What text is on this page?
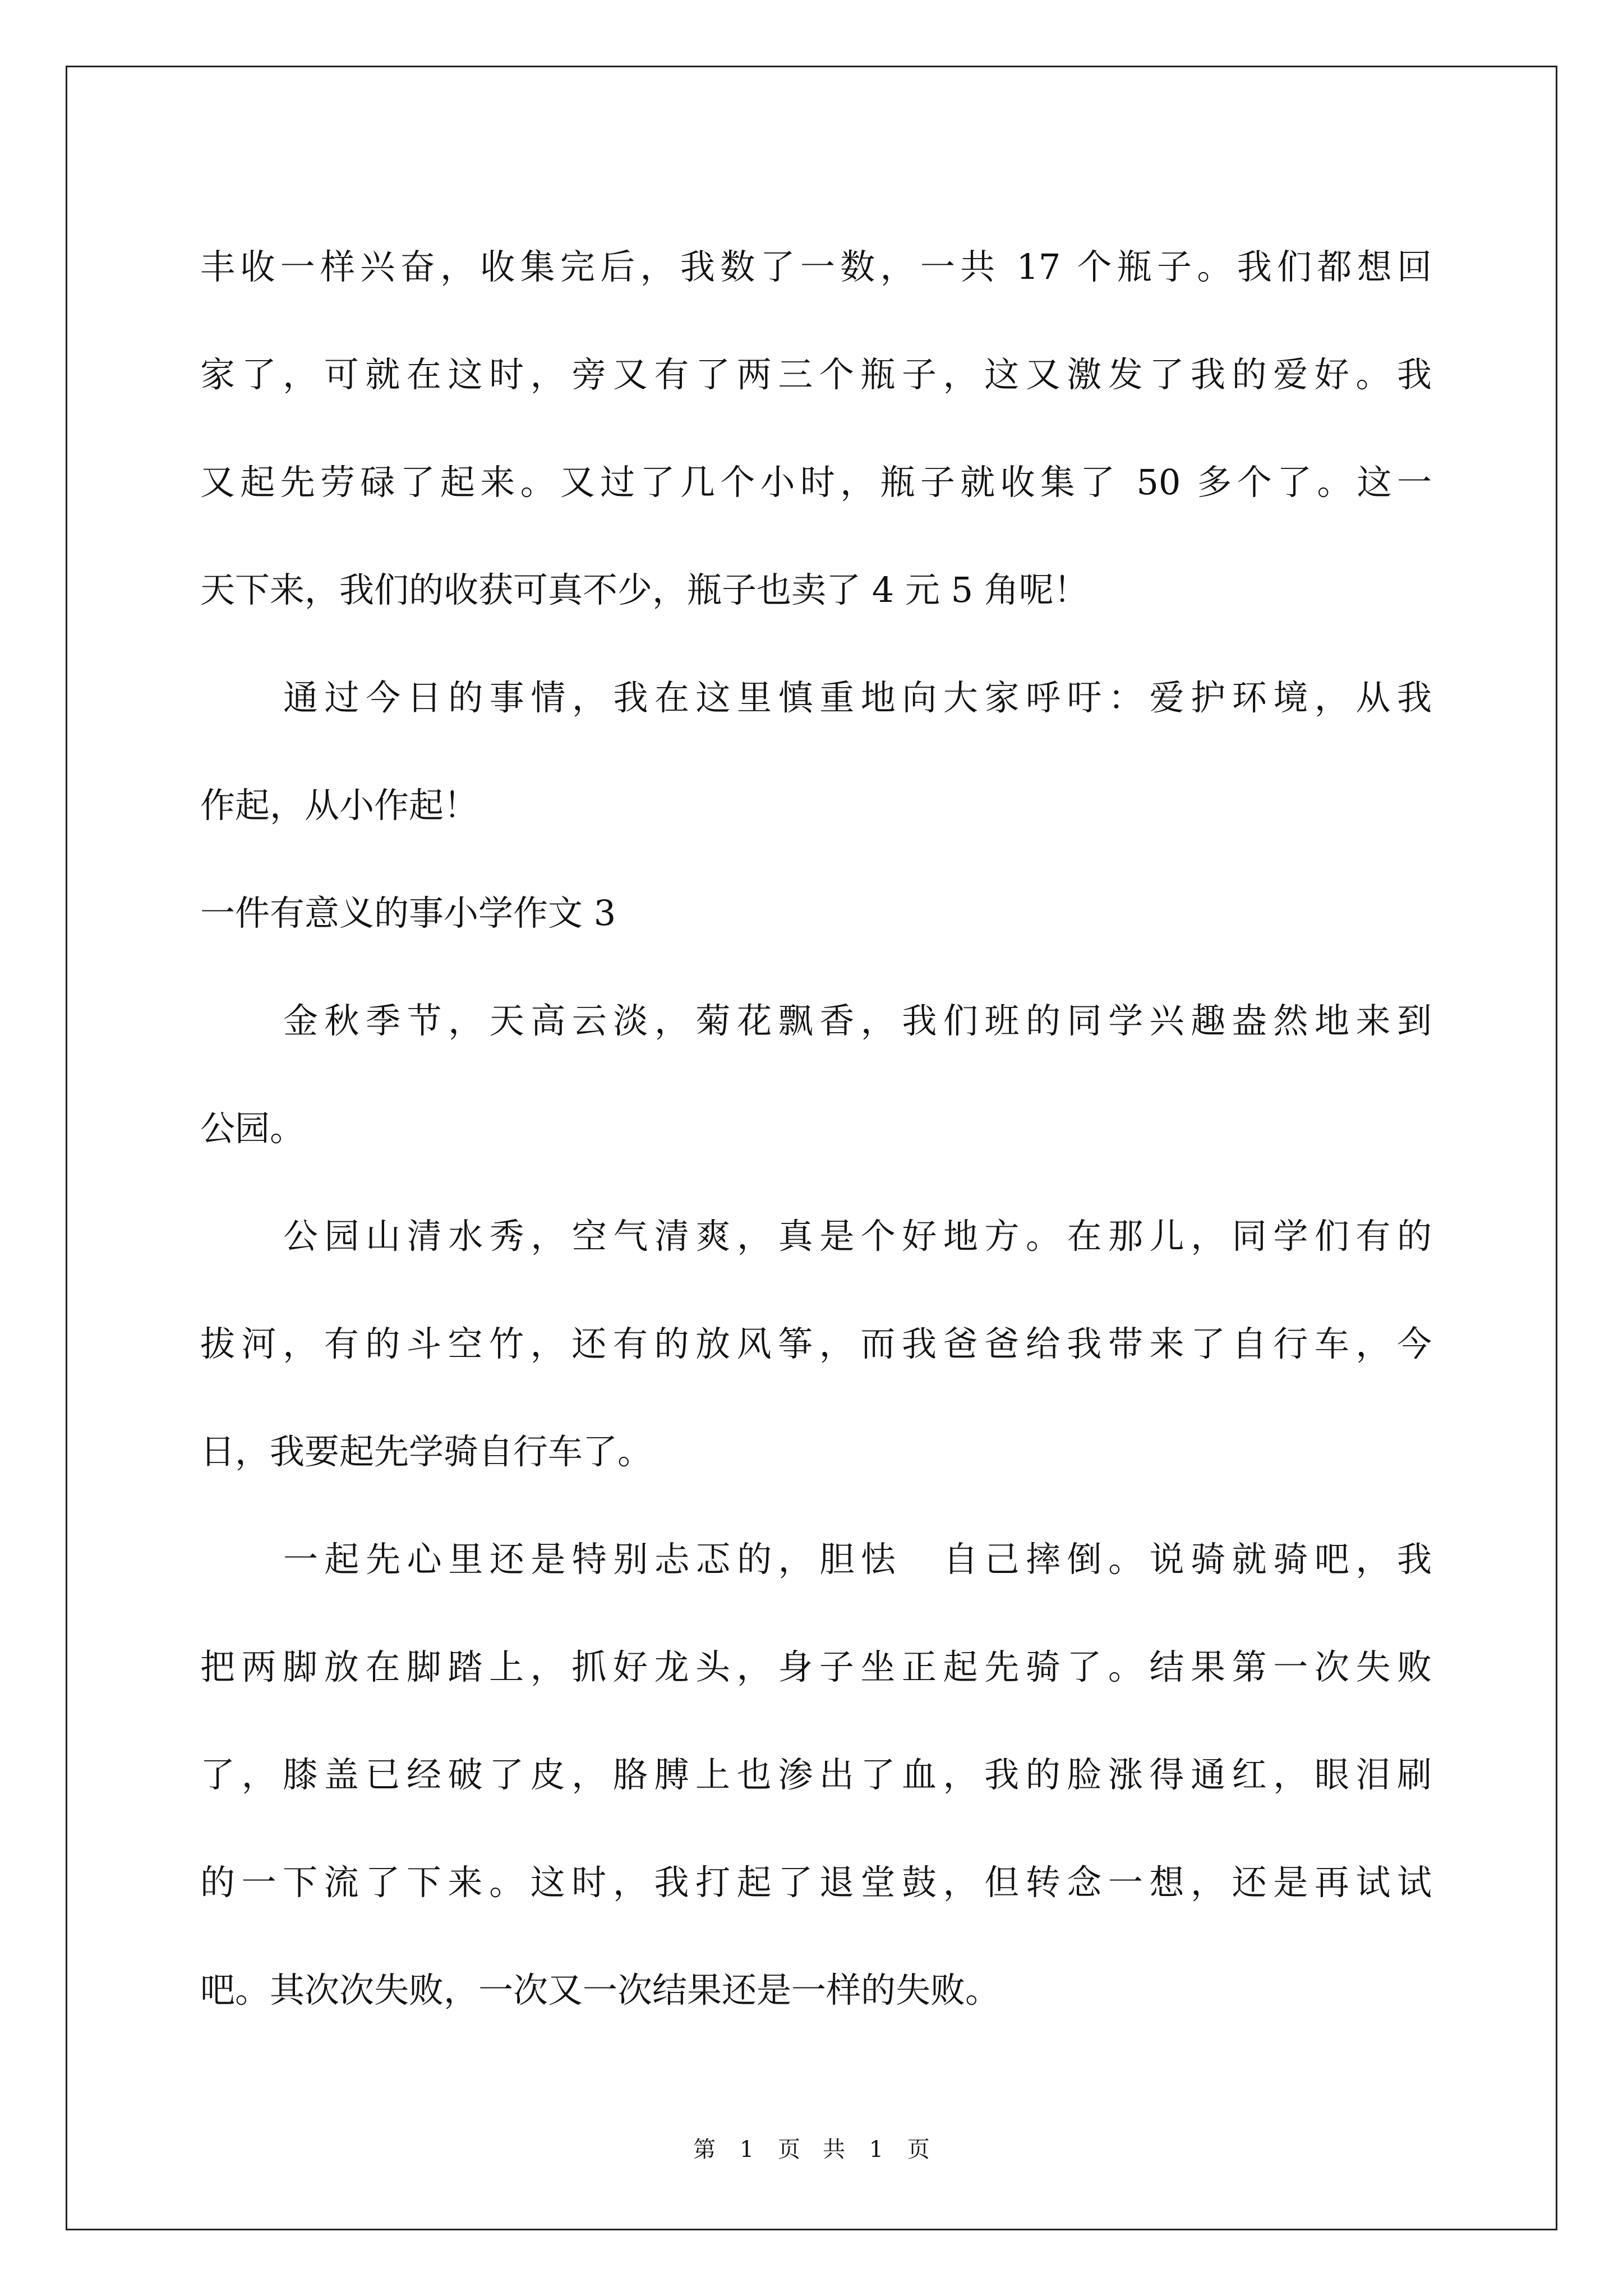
丰收一样兴奋，收集完后，我数了一数，一共 17 个瓶子。我们都想回
家了，可就在这时，旁又有了两三个瓶子，这又激发了我的爱好。我
又起先劳碌了起来。又过了几个小时，瓶子就收集了 50 多个了。这一
天下来，我们的收获可真不少，瓶子也卖了 4 元 5 角呢！
通过今日的事情，我在这里慎重地向大家呼吁：爱护环境，从我
作起，从小作起！
一件有意义的事小学作文 3
金秋季节，天高云淡，菊花飘香，我们班的同学兴趣盎然地来到
公园。
公园山清水秀，空气清爽，真是个好地方。在那儿，同学们有的
拔河，有的斗空竹，还有的放风筝，而我爸爸给我带来了自行车，今
日，我要起先学骑自行车了。
一起先心里还是特别忐忑的，胆怯　自己摔倒。说骑就骑吧，我
把两脚放在脚踏上，抓好龙头，身子坐正起先骑了。结果第一次失败
了，膝盖已经破了皮，胳膊上也渗出了血，我的脸涨得通红，眼泪刷
的一下流了下来。这时，我打起了退堂鼓，但转念一想，还是再试试
吧。其次次失败，一次又一次结果还是一样的失败。
第 1 页　共 1 页
